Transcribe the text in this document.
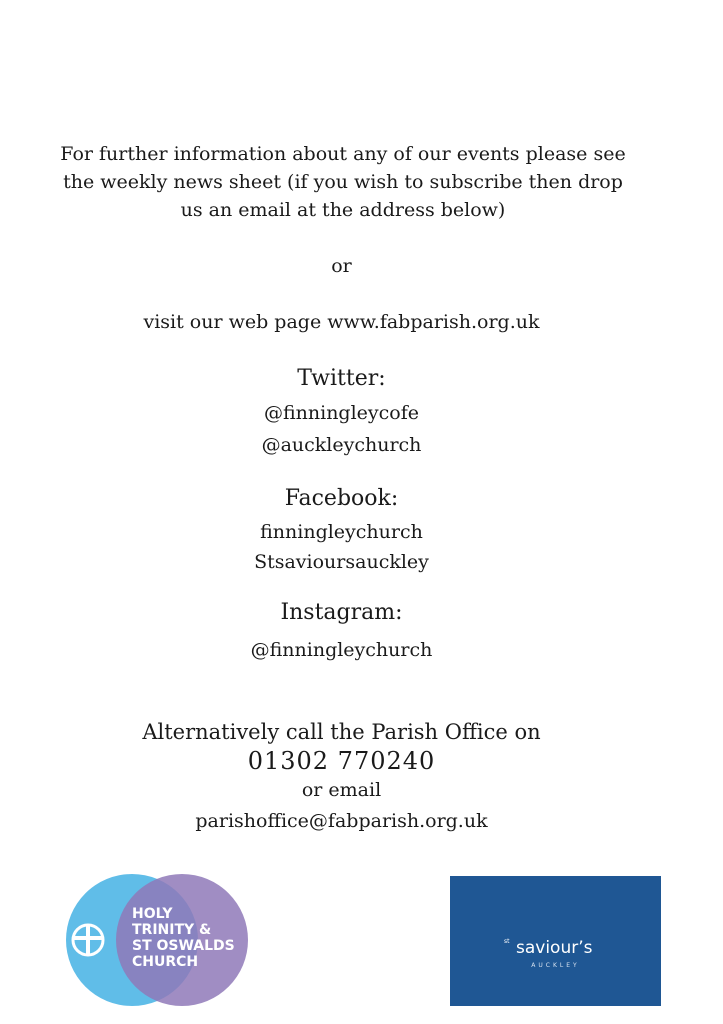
For further information about any of our events please see the weekly news sheet (if you wish to subscribe then drop us an email at the address below)
or
visit our web page www.fabparish.org.uk
Twitter:
@finningleycofe
@auckleychurch
Facebook:
finningleychurch
Stsavioursauckley
Instagram:
@finningleychurch
Alternatively call the Parish Office on
01302 770240
or email
parishoffice@fabparish.org.uk
HOLY
TRINITY &
ST OSWALDS
CHURCH
st saviour’s
AUCKLEY
